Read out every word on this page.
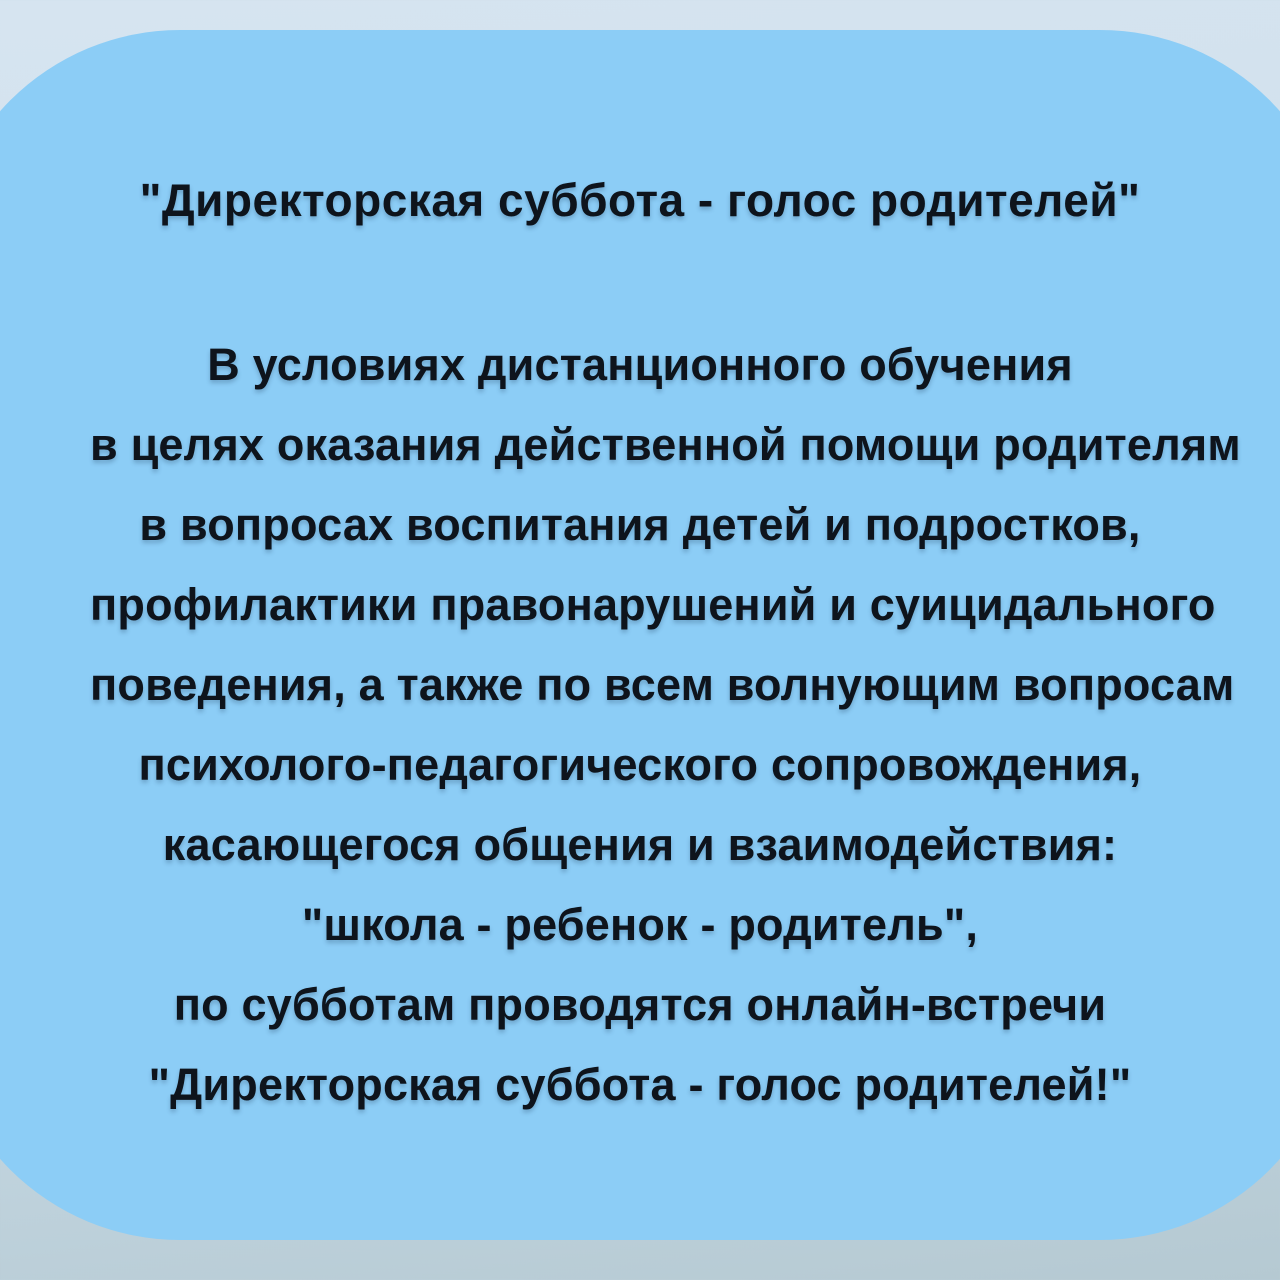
"Директорская суббота - голос родителей"

В условиях дистанционного обучения

в целях оказания действенной помощи родителям

в вопросах воспитания детей и подростков,

профилактики правонарушений и суицидального

поведения, а также по всем волнующим вопросам

психолого-педагогического сопровождения,

касающегося общения и взаимодействия:

"школа - ребенок - родитель",

по субботам проводятся онлайн-встречи

"Директорская суббота - голос родителей!"
